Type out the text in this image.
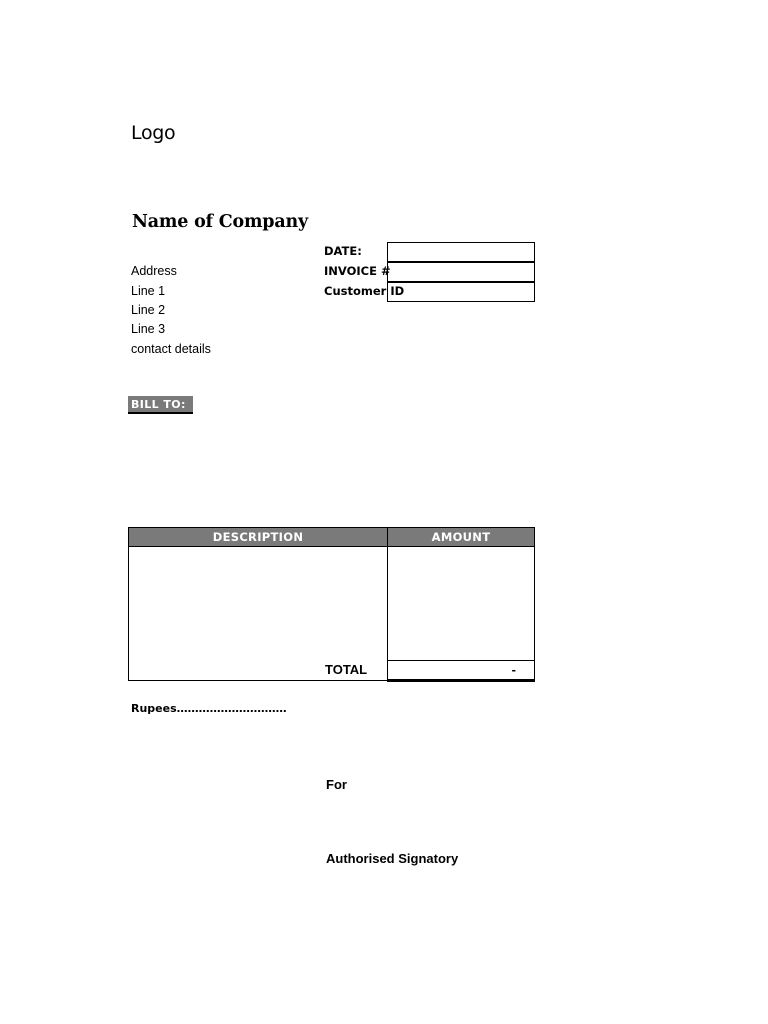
Logo
Name of Company
Address
Line 1
Line 2
Line 3
contact details
DATE:
INVOICE #
Customer ID
BILL TO:
DESCRIPTION	AMOUNT
TOTAL	-
Rupees…………………………
For
Authorised Signatory
